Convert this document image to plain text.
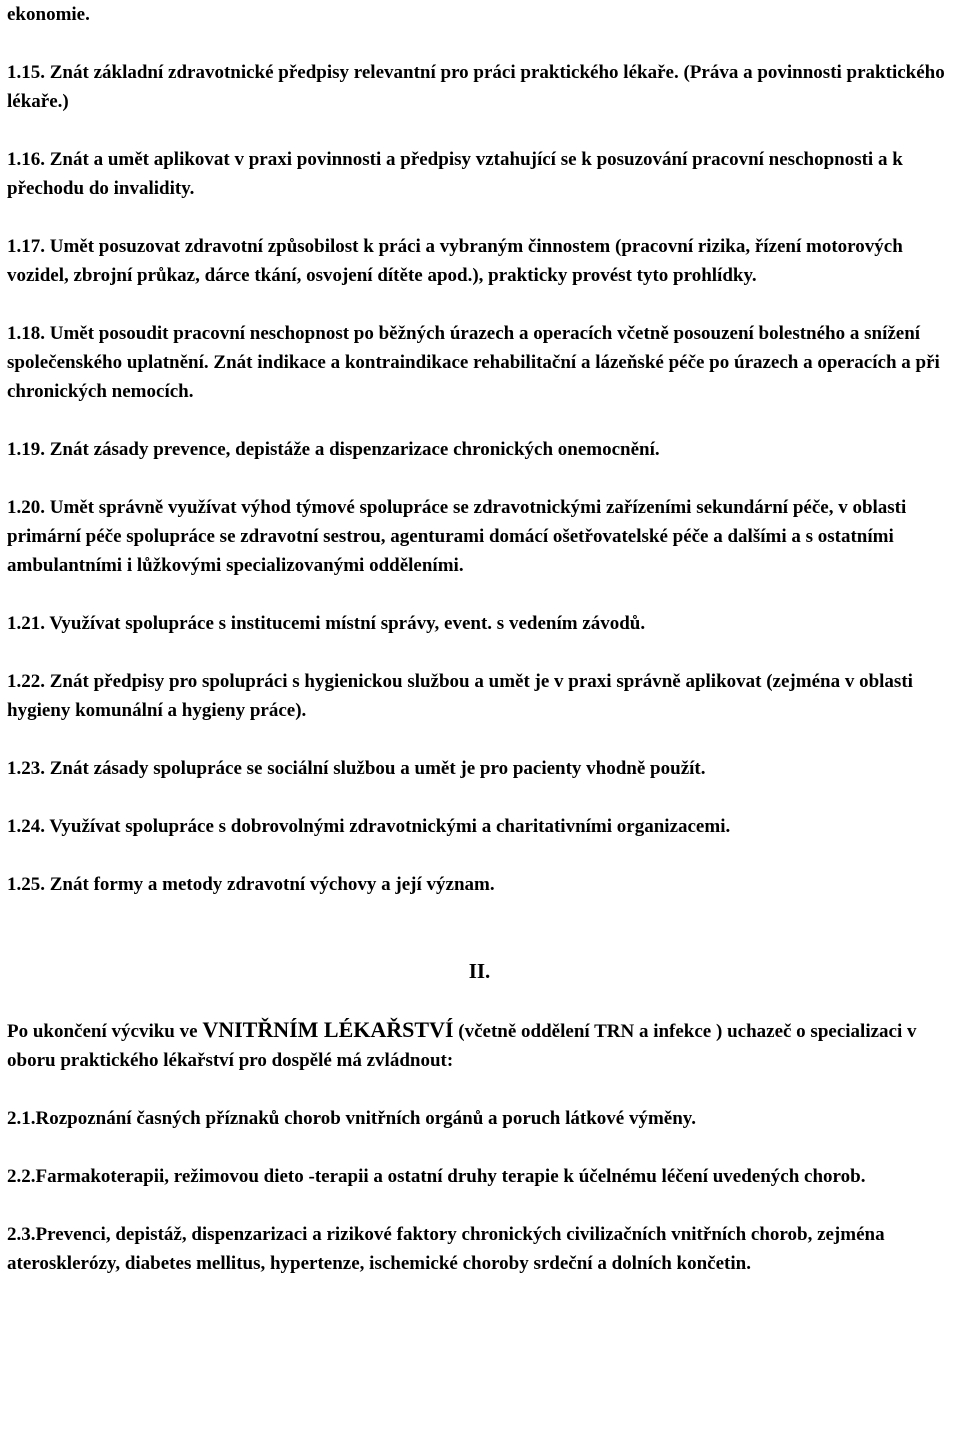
ekonomie.

1.15. Znát základní zdravotnické předpisy relevantní pro práci praktického lékaře. (Práva a povinnosti praktického lékaře.)

1.16. Znát a umět aplikovat v praxi povinnosti a předpisy vztahující se k posuzování pracovní neschopnosti a k přechodu do invalidity.

1.17. Umět posuzovat zdravotní způsobilost k práci a vybraným činnostem (pracovní rizika, řízení motorových vozidel, zbrojní průkaz, dárce tkání, osvojení dítěte apod.), prakticky provést tyto prohlídky.

1.18. Umět posoudit pracovní neschopnost po běžných úrazech a operacích včetně posouzení bolestného a snížení společenského uplatnění. Znát indikace a kontraindikace rehabilitační a lázeňské péče po úrazech a operacích a při chronických nemocích.

1.19. Znát zásady prevence, depistáže a dispenzarizace chronických onemocnění.

1.20. Umět správně využívat výhod týmové spolupráce se zdravotnickými zařízeními sekundární péče, v oblasti primární péče spolupráce se zdravotní sestrou, agenturami domácí ošetřovatelské péče a dalšími a s ostatními ambulantními i lůžkovými specializovanými odděleními.

1.21. Využívat spolupráce s institucemi místní správy, event. s vedením závodů.

1.22. Znát předpisy pro spolupráci s hygienickou službou a umět je v praxi správně aplikovat (zejména v oblasti hygieny komunální a hygieny práce).

1.23. Znát zásady spolupráce se sociální službou a umět je pro pacienty vhodně použít.

1.24. Využívat spolupráce s dobrovolnými zdravotnickými a charitativními organizacemi.

1.25. Znát formy a metody zdravotní výchovy a její význam.

II.

Po ukončení výcviku ve VNITŘNÍM LÉKAŘSTVÍ (včetně oddělení TRN a infekce ) uchazeč o specializaci v oboru praktického lékařství pro dospělé má zvládnout:

2.1.Rozpoznání časných příznaků chorob vnitřních orgánů a poruch látkové výměny.

2.2.Farmakoterapii, režimovou dieto -terapii a ostatní druhy terapie k účelnému léčení uvedených chorob.

2.3.Prevenci, depistáž, dispenzarizaci a rizikové faktory chronických civilizačních vnitřních chorob, zejména aterosklerózy, diabetes mellitus, hypertenze, ischemické choroby srdeční a dolních končetin.
